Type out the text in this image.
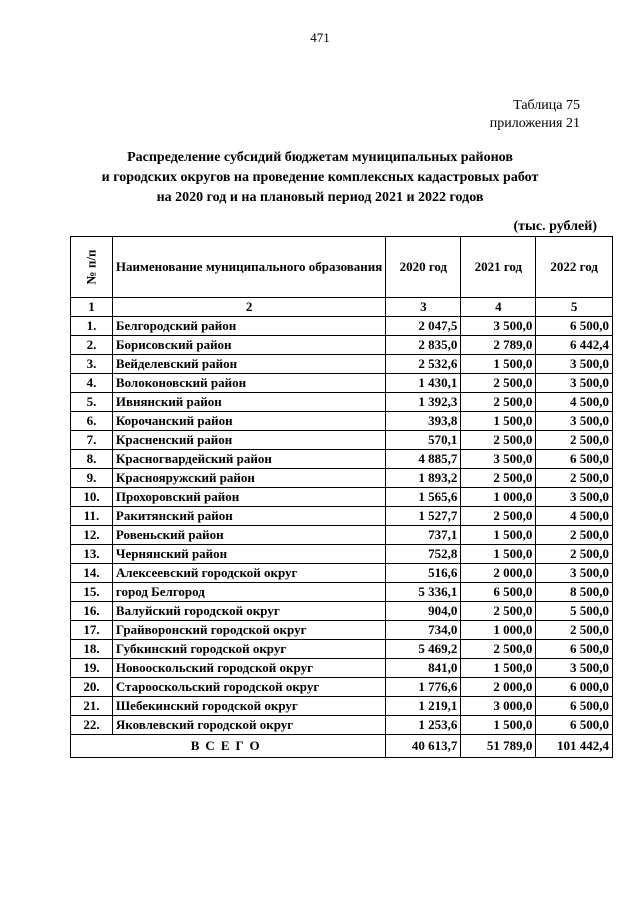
471
Таблица 75
приложения 21
Распределение субсидий бюджетам муниципальных районов
и городских округов на проведение комплексных кадастровых работ
на 2020 год и на плановый период 2021 и 2022 годов
(тыс. рублей)
№ п/п	Наименование муниципального образования	2020 год	2021 год	2022 год
1	2	3	4	5
1.	Белгородский район	2 047,5	3 500,0	6 500,0
2.	Борисовский район	2 835,0	2 789,0	6 442,4
3.	Вейделевский район	2 532,6	1 500,0	3 500,0
4.	Волоконовский район	1 430,1	2 500,0	3 500,0
5.	Ивнянский район	1 392,3	2 500,0	4 500,0
6.	Корочанский район	393,8	1 500,0	3 500,0
7.	Красненский район	570,1	2 500,0	2 500,0
8.	Красногвардейский район	4 885,7	3 500,0	6 500,0
9.	Краснояружский район	1 893,2	2 500,0	2 500,0
10.	Прохоровский район	1 565,6	1 000,0	3 500,0
11.	Ракитянский район	1 527,7	2 500,0	4 500,0
12.	Ровеньский район	737,1	1 500,0	2 500,0
13.	Чернянский район	752,8	1 500,0	2 500,0
14.	Алексеевский городской округ	516,6	2 000,0	3 500,0
15.	город Белгород	5 336,1	6 500,0	8 500,0
16.	Валуйский городской округ	904,0	2 500,0	5 500,0
17.	Грайворонский городской округ	734,0	1 000,0	2 500,0
18.	Губкинский городской округ	5 469,2	2 500,0	6 500,0
19.	Новооскольский городской округ	841,0	1 500,0	3 500,0
20.	Старооскольский городской округ	1 776,6	2 000,0	6 000,0
21.	Шебекинский городской округ	1 219,1	3 000,0	6 500,0
22.	Яковлевский городской округ	1 253,6	1 500,0	6 500,0
ВСЕГО		40 613,7	51 789,0	101 442,4
